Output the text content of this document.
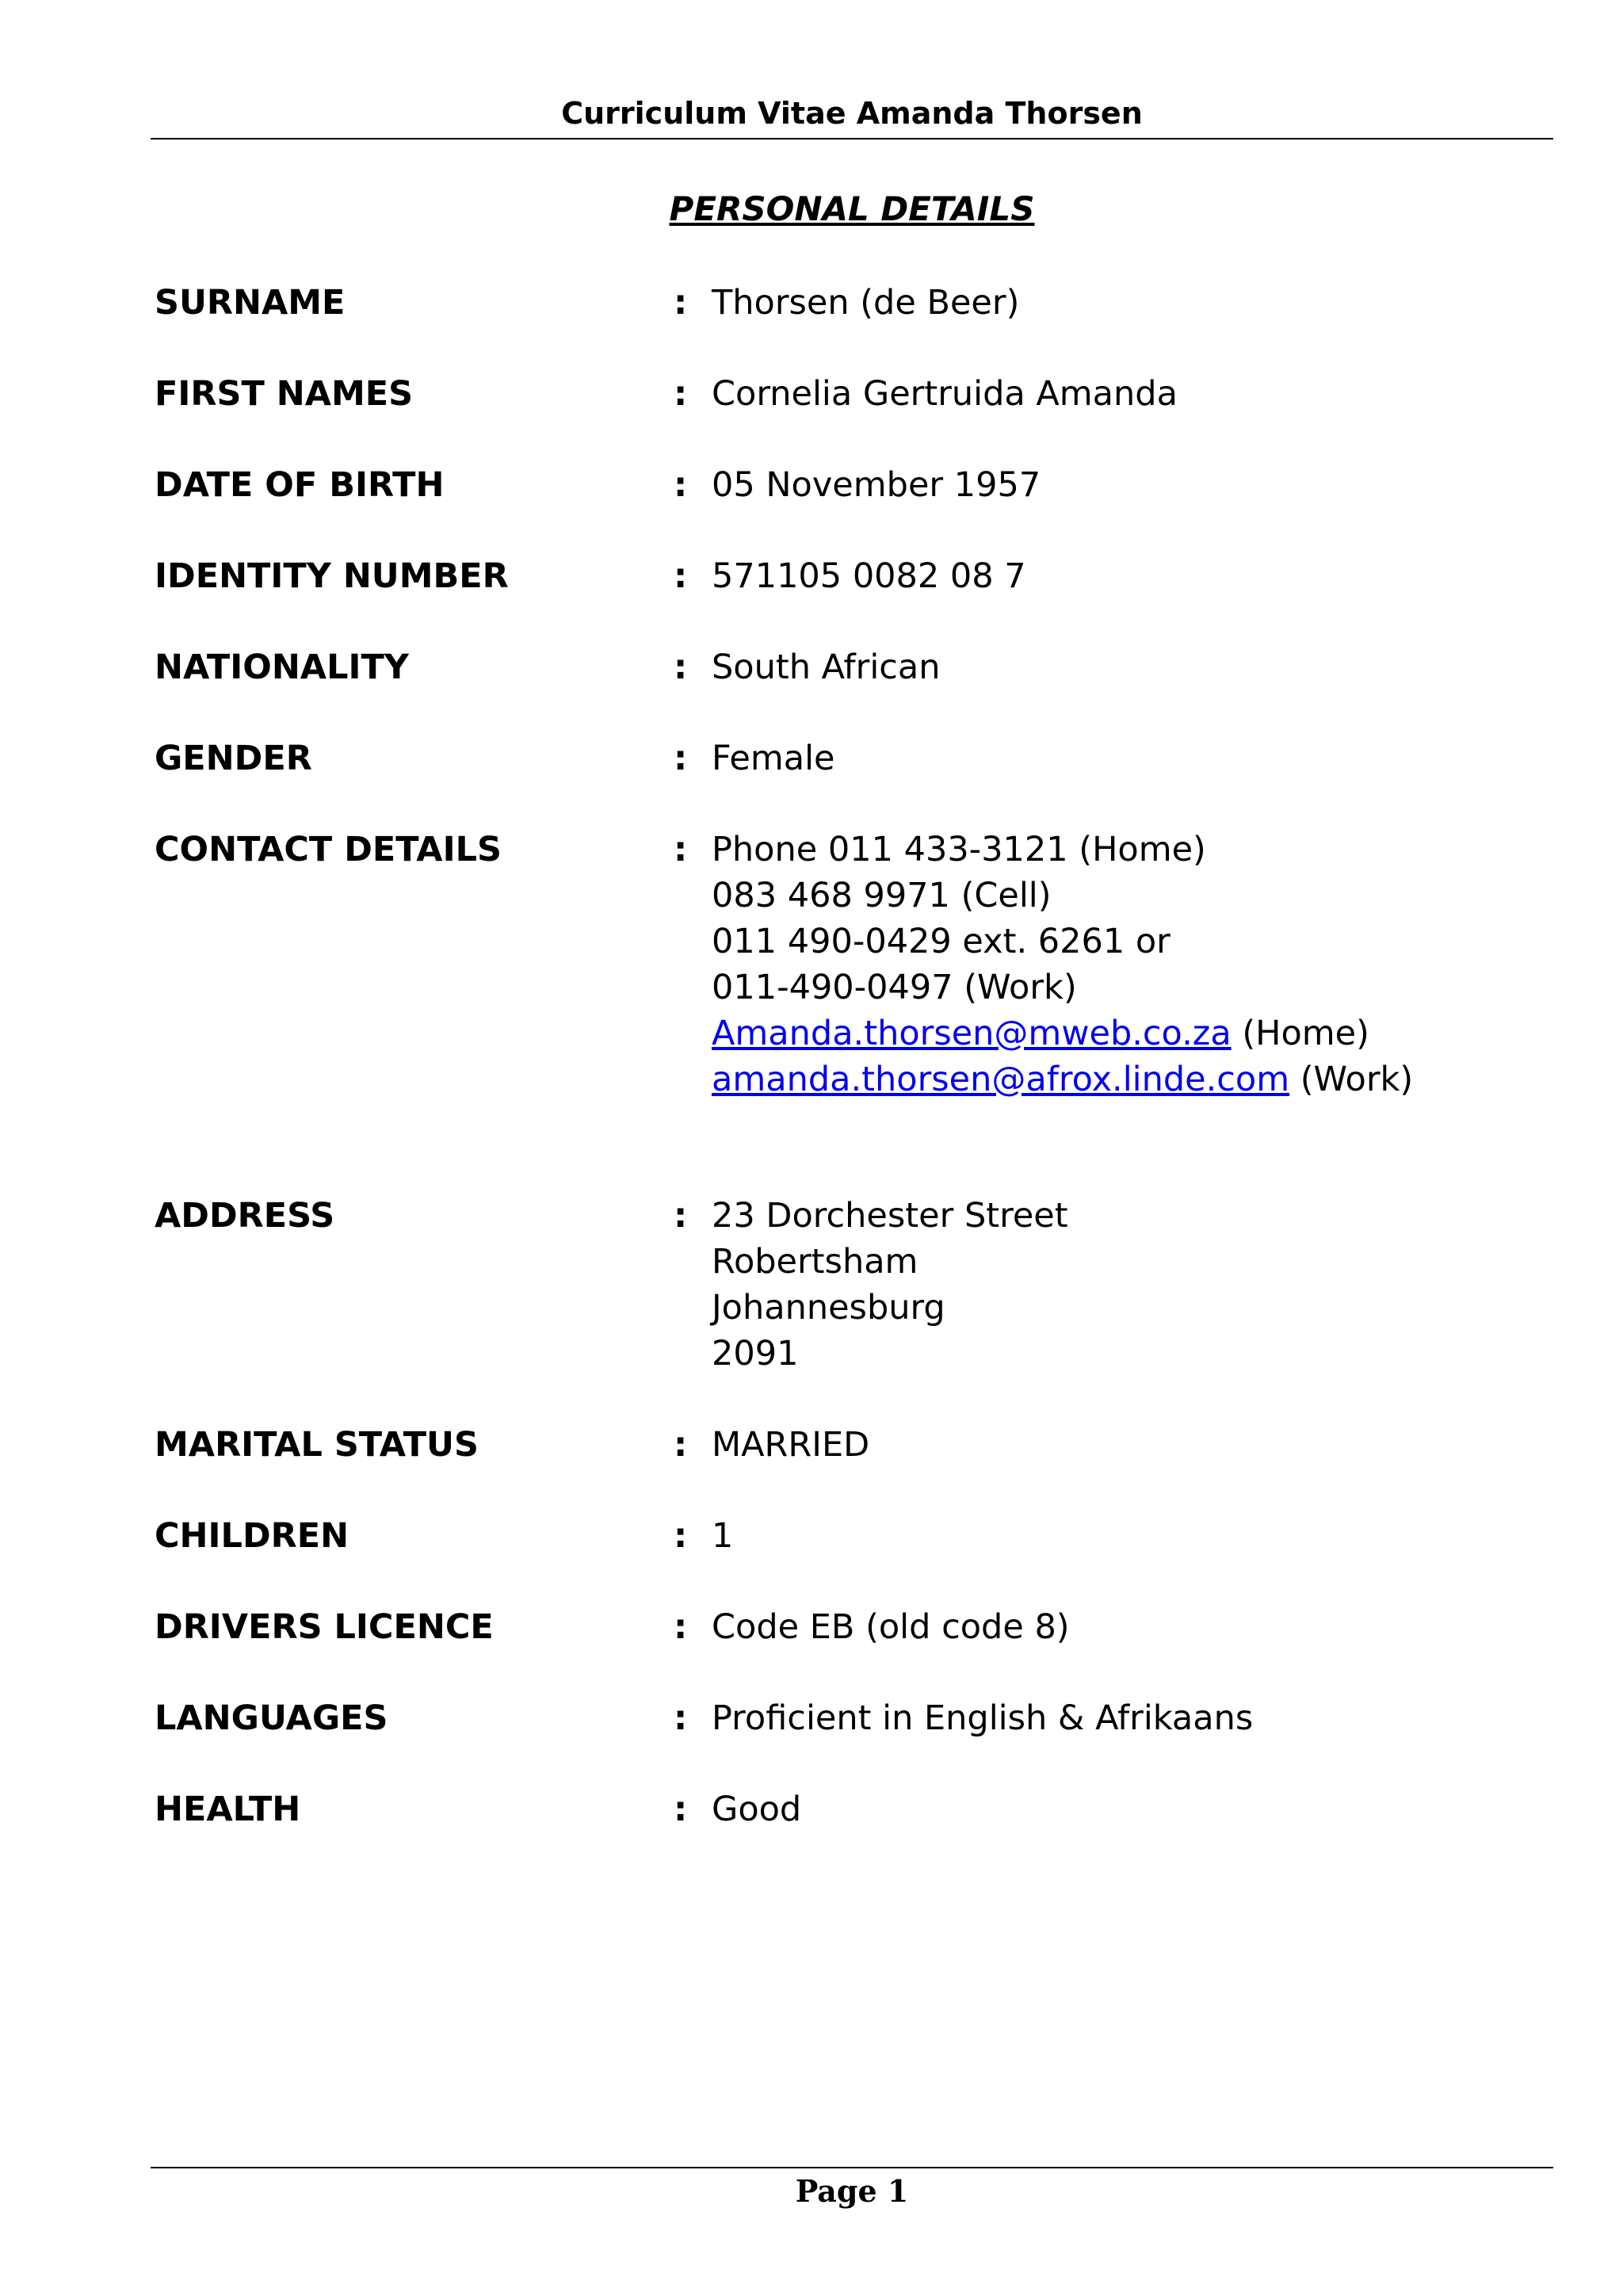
Curriculum Vitae Amanda Thorsen
PERSONAL DETAILS
SURNAME	: Thorsen (de Beer)
FIRST NAMES	: Cornelia Gertruida Amanda
DATE OF BIRTH	: 05 November 1957
IDENTITY NUMBER	: 571105 0082 08 7
NATIONALITY	: South African
GENDER	: Female
CONTACT DETAILS	: Phone 011 433-3121 (Home)
083 468 9971 (Cell)
011 490-0429 ext. 6261 or
011-490-0497 (Work)
Amanda.thorsen@mweb.co.za (Home)
amanda.thorsen@afrox.linde.com (Work)
ADDRESS	: 23 Dorchester Street
Robertsham
Johannesburg
2091
MARITAL STATUS	: MARRIED
CHILDREN	: 1
DRIVERS LICENCE	: Code EB (old code 8)
LANGUAGES	: Proficient in English & Afrikaans
HEALTH	: Good
Page 1
